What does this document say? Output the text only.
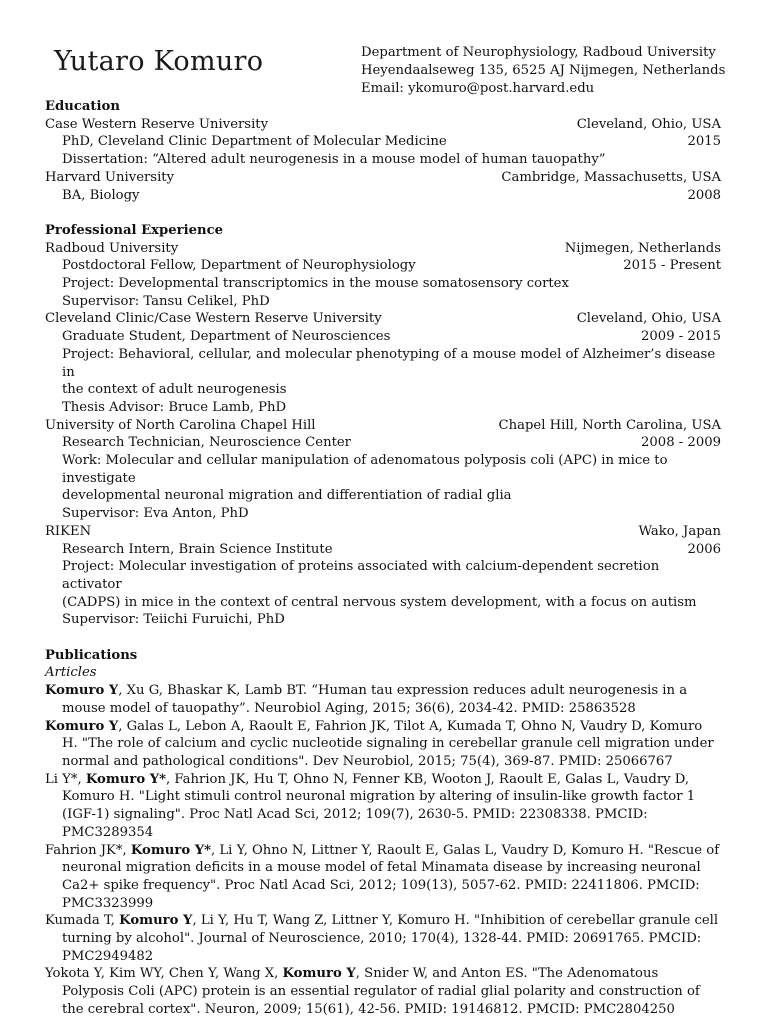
Yutaro Komuro	Department of Neurophysiology, Radboud University
Heyendaalseweg 135, 6525 AJ Nijmegen, Netherlands
Email: ykomuro@post.harvard.edu
Education
Case Western Reserve University	Cleveland, Ohio, USA
PhD, Cleveland Clinic Department of Molecular Medicine	2015
Dissertation: “Altered adult neurogenesis in a mouse model of human tauopathy”
Harvard University	Cambridge, Massachusetts, USA
BA, Biology	2008
Professional Experience
Radboud University	Nijmegen, Netherlands
Postdoctoral Fellow, Department of Neurophysiology	2015 - Present
Project: Developmental transcriptomics in the mouse somatosensory cortex
Supervisor: Tansu Celikel, PhD
Cleveland Clinic/Case Western Reserve University	Cleveland, Ohio, USA
Graduate Student, Department of Neurosciences	2009 - 2015
Project: Behavioral, cellular, and molecular phenotyping of a mouse model of Alzheimer’s disease in
the context of adult neurogenesis
Thesis Advisor: Bruce Lamb, PhD
University of North Carolina Chapel Hill	Chapel Hill, North Carolina, USA
Research Technician, Neuroscience Center	2008 - 2009
Work: Molecular and cellular manipulation of adenomatous polyposis coli (APC) in mice to investigate
developmental neuronal migration and differentiation of radial glia
Supervisor: Eva Anton, PhD
RIKEN	Wako, Japan
Research Intern, Brain Science Institute	2006
Project: Molecular investigation of proteins associated with calcium-dependent secretion activator
(CADPS) in mice in the context of central nervous system development, with a focus on autism
Supervisor: Teiichi Furuichi, PhD
Publications
Articles
Komuro Y, Xu G, Bhaskar K, Lamb BT. “Human tau expression reduces adult neurogenesis in a mouse model of tauopathy”. Neurobiol Aging, 2015; 36(6), 2034-42. PMID: 25863528
Komuro Y, Galas L, Lebon A, Raoult E, Fahrion JK, Tilot A, Kumada T, Ohno N, Vaudry D, Komuro H. "The role of calcium and cyclic nucleotide signaling in cerebellar granule cell migration under normal and pathological conditions". Dev Neurobiol, 2015; 75(4), 369-87. PMID: 25066767
Li Y*, Komuro Y*, Fahrion JK, Hu T, Ohno N, Fenner KB, Wooton J, Raoult E, Galas L, Vaudry D, Komuro H. "Light stimuli control neuronal migration by altering of insulin-like growth factor 1 (IGF-1) signaling". Proc Natl Acad Sci, 2012; 109(7), 2630-5. PMID: 22308338. PMCID: PMC3289354
Fahrion JK*, Komuro Y*, Li Y, Ohno N, Littner Y, Raoult E, Galas L, Vaudry D, Komuro H. "Rescue of neuronal migration deficits in a mouse model of fetal Minamata disease by increasing neuronal Ca2+ spike frequency". Proc Natl Acad Sci, 2012; 109(13), 5057-62. PMID: 22411806. PMCID: PMC3323999
Kumada T, Komuro Y, Li Y, Hu T, Wang Z, Littner Y, Komuro H. "Inhibition of cerebellar granule cell turning by alcohol". Journal of Neuroscience, 2010; 170(4), 1328-44. PMID: 20691765. PMCID: PMC2949482
Yokota Y, Kim WY, Chen Y, Wang X, Komuro Y, Snider W, and Anton ES. "The Adenomatous Polyposis Coli (APC) protein is an essential regulator of radial glial polarity and construction of the cerebral cortex". Neuron, 2009; 15(61), 42-56. PMID: 19146812. PMCID: PMC2804250
